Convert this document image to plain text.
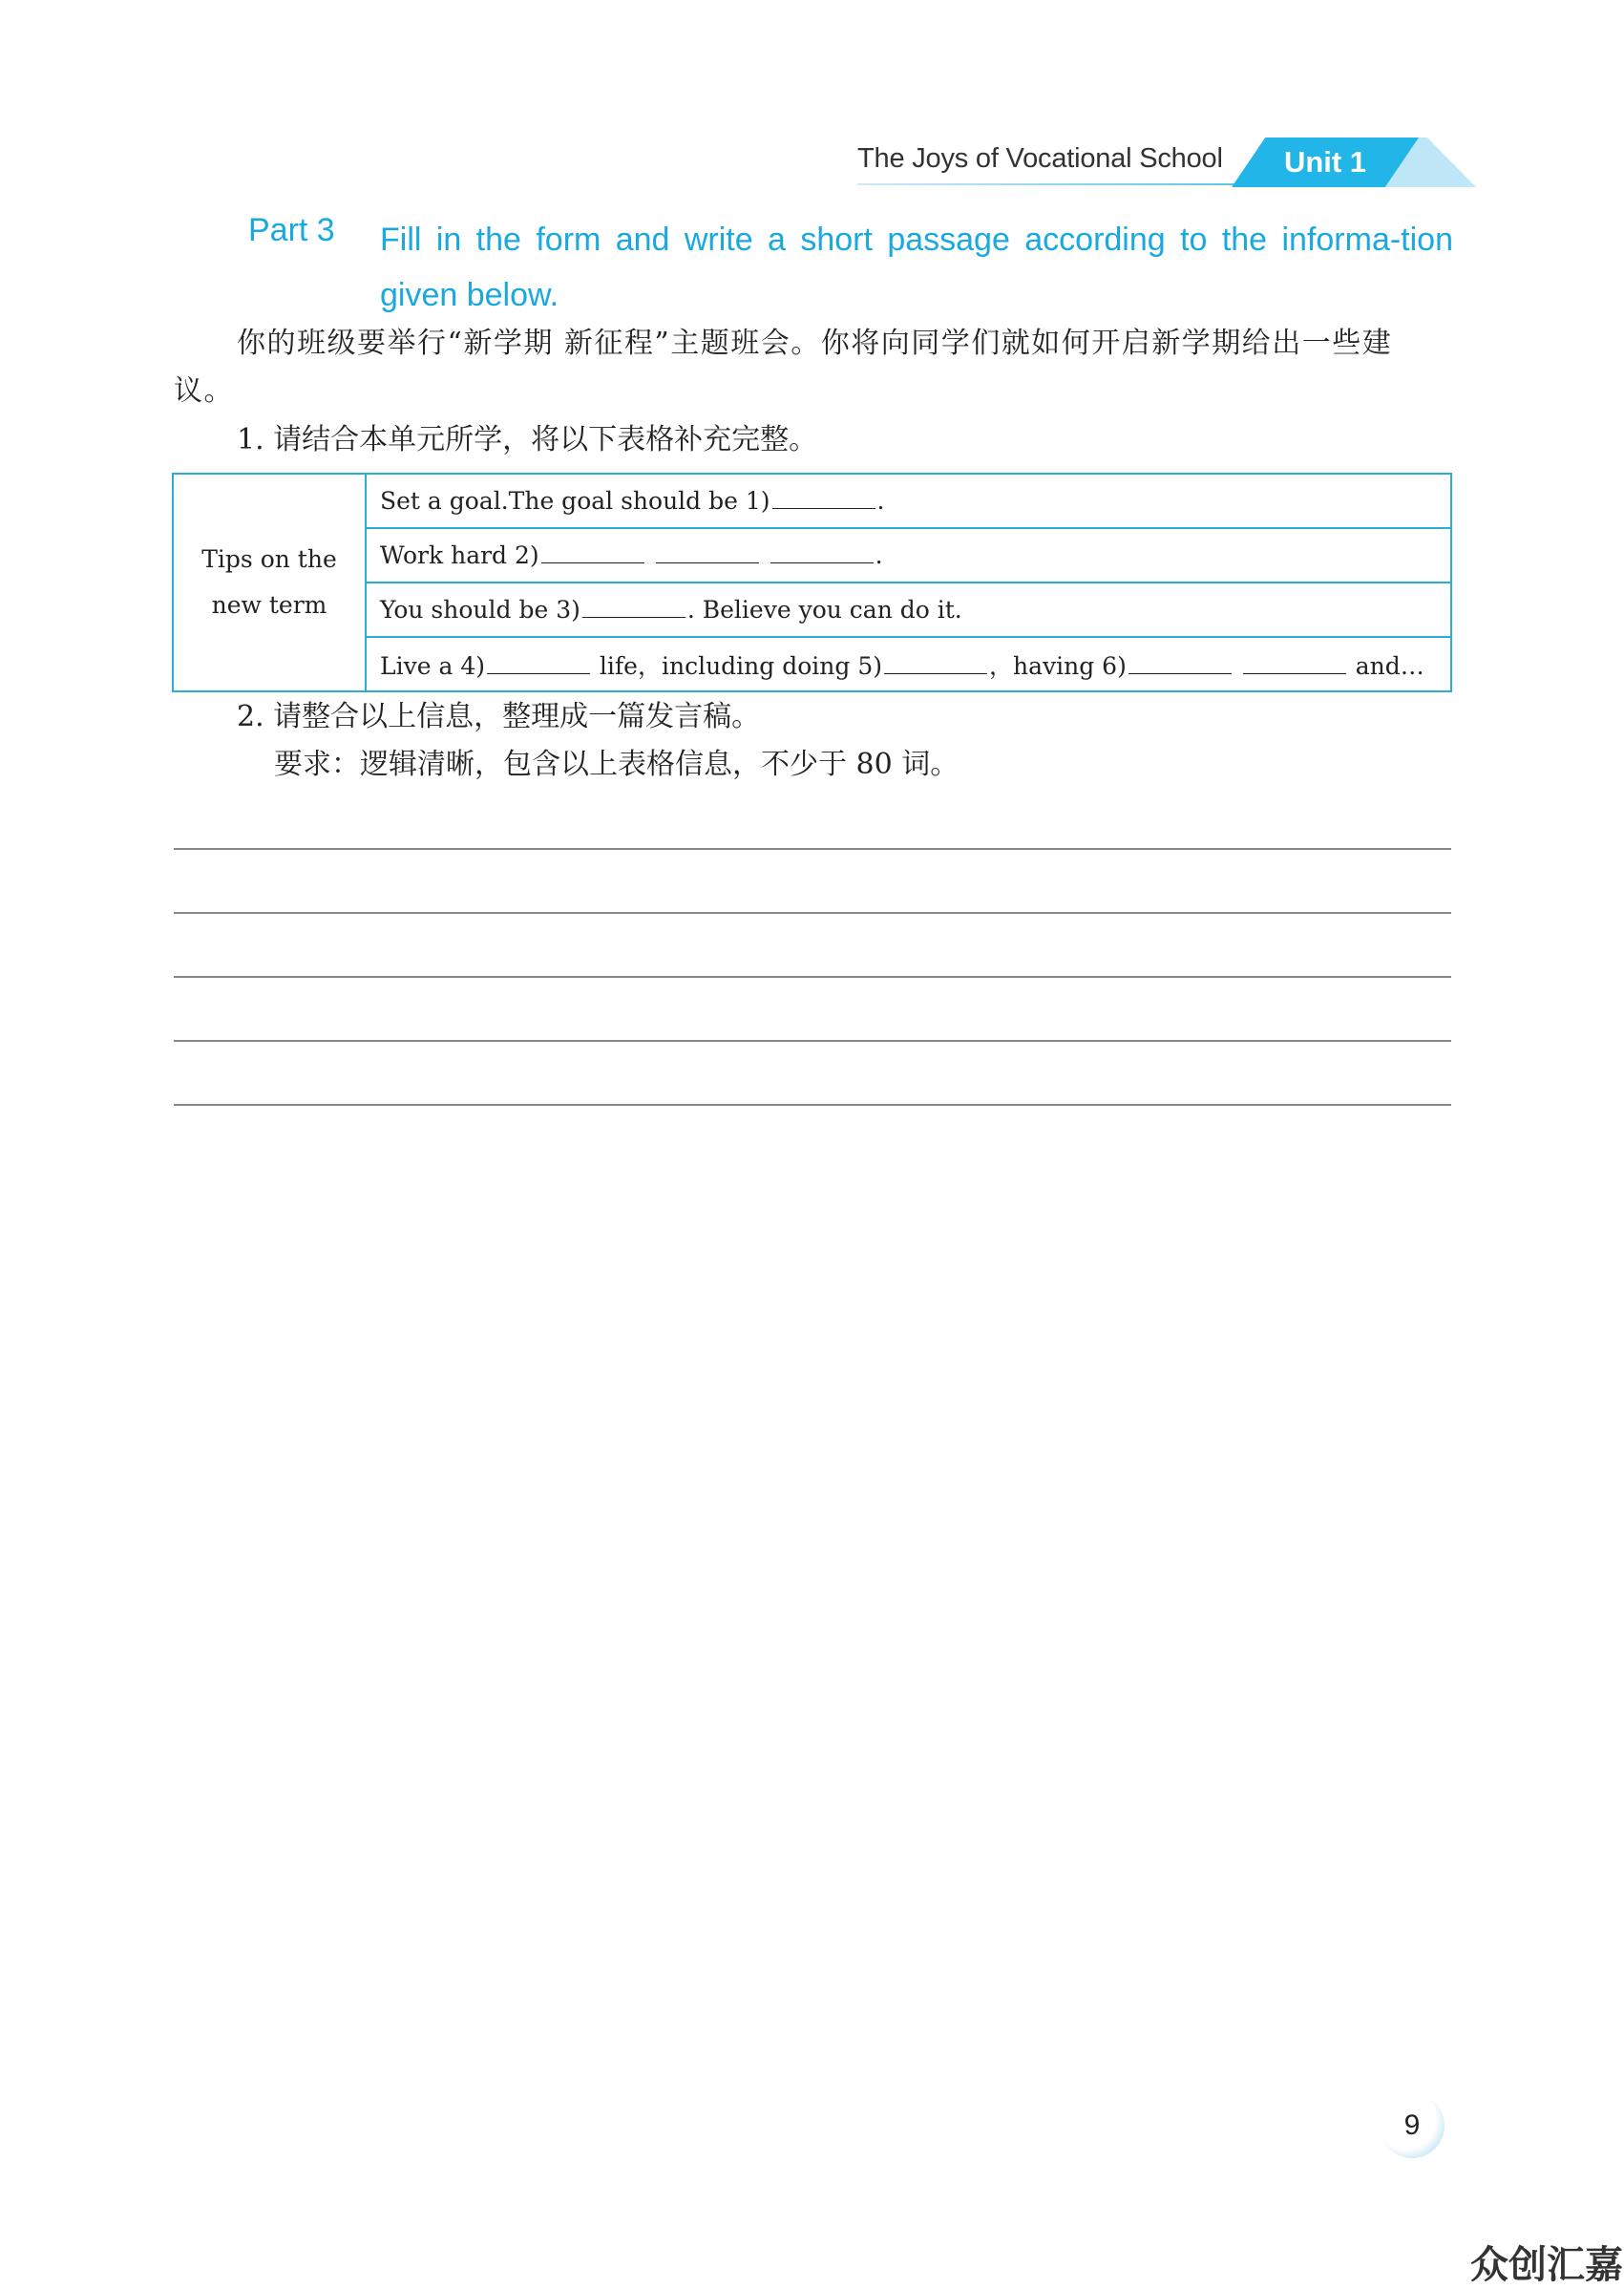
The Joys of Vocational School	Unit 1
Part 3 Fill in the form and write a short passage according to the informa-tion given below.
你的班级要举行“新学期 新征程”主题班会。你将向同学们就如何开启新学期给出一些建议。
1. 请结合本单元所学，将以下表格补充完整。
Tips on the new term	Set a goal.The goal should be 1)	.
Work hard 2)	.
You should be 3)	. Believe you can do it.
Live a 4)	life，including doing 5)	，having 6)	and…
2. 请整合以上信息，整理成一篇发言稿。
要求：逻辑清晰，包含以上表格信息，不少于 80 词。
9
众创汇嘉
